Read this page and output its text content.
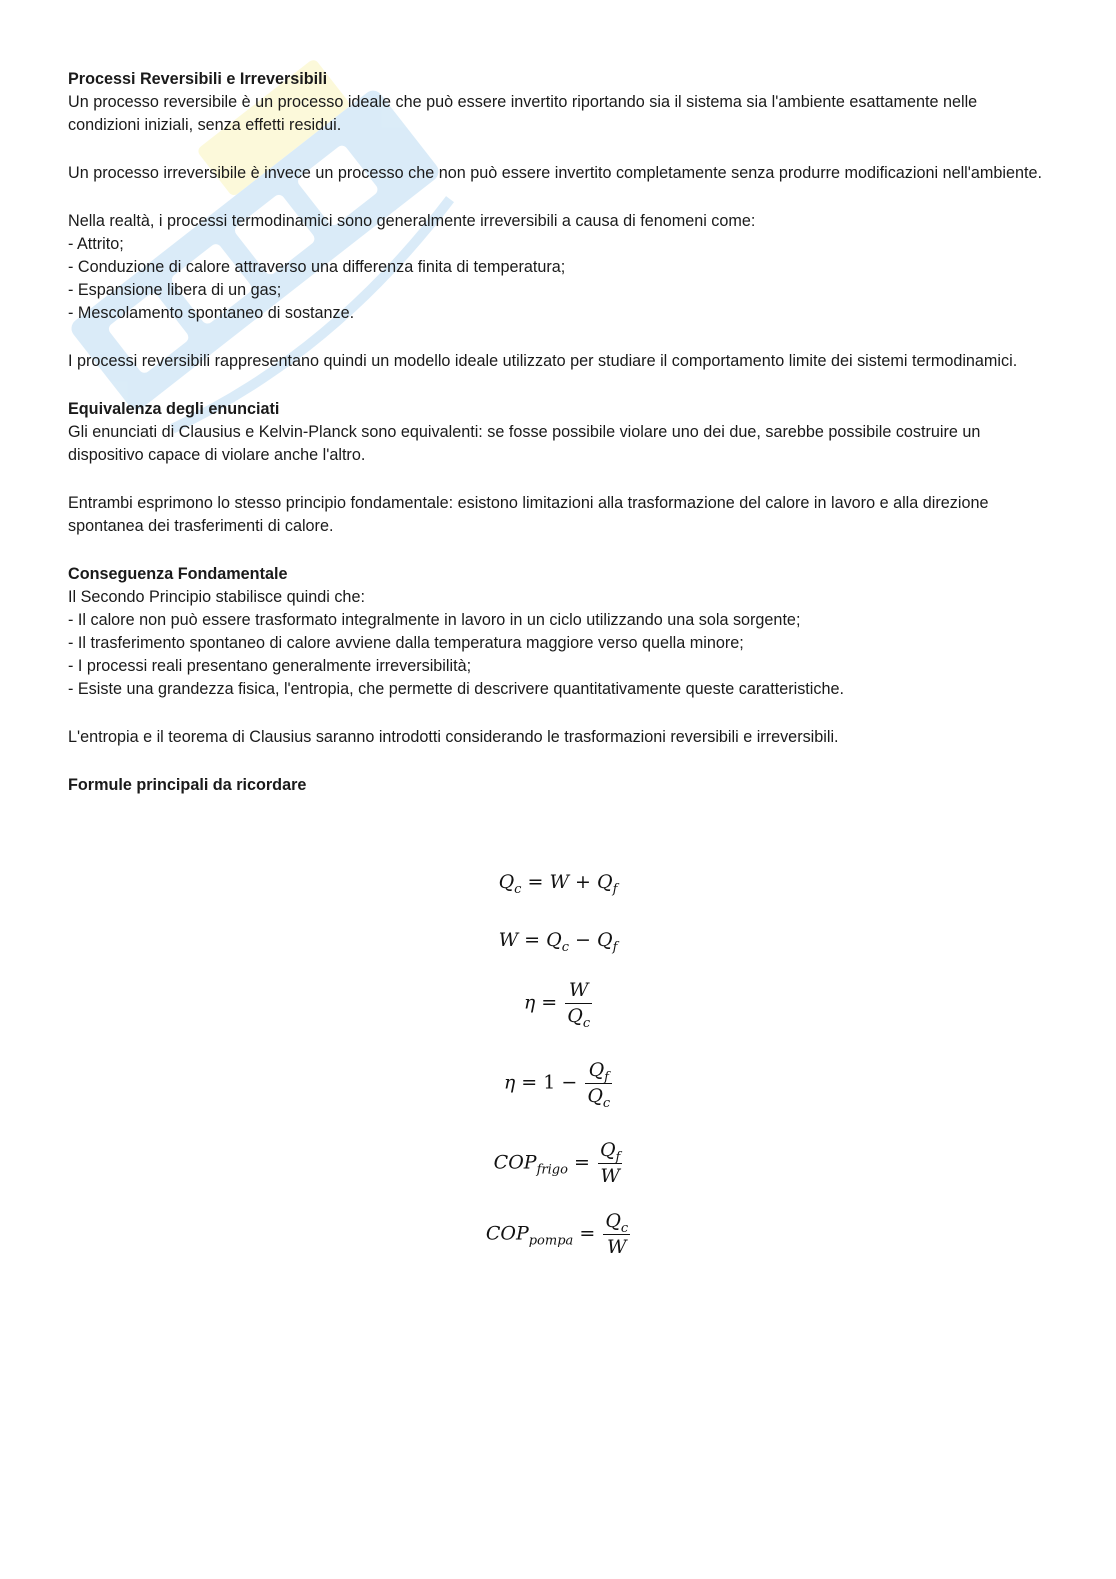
Processi Reversibili e Irreversibili

Un processo reversibile è un processo ideale che può essere invertito riportando sia il sistema sia l'ambiente esattamente nelle condizioni iniziali, senza effetti residui.

Un processo irreversibile è invece un processo che non può essere invertito completamente senza produrre modificazioni nell'ambiente.

Nella realtà, i processi termodinamici sono generalmente irreversibili a causa di fenomeni come:

- Attrito;
- Conduzione di calore attraverso una differenza finita di temperatura;
- Espansione libera di un gas;
- Mescolamento spontaneo di sostanze.

I processi reversibili rappresentano quindi un modello ideale utilizzato per studiare il comportamento limite dei sistemi termodinamici.

Equivalenza degli enunciati

Gli enunciati di Clausius e Kelvin-Planck sono equivalenti: se fosse possibile violare uno dei due, sarebbe possibile costruire un dispositivo capace di violare anche l'altro.

Entrambi esprimono lo stesso principio fondamentale: esistono limitazioni alla trasformazione del calore in lavoro e alla direzione spontanea dei trasferimenti di calore.

Conseguenza Fondamentale

Il Secondo Principio stabilisce quindi che:

- Il calore non può essere trasformato integralmente in lavoro in un ciclo utilizzando una sola sorgente;
- Il trasferimento spontaneo di calore avviene dalla temperatura maggiore verso quella minore;
- I processi reali presentano generalmente irreversibilità;
- Esiste una grandezza fisica, l'entropia, che permette di descrivere quantitativamente queste caratteristiche.

L'entropia e il teorema di Clausius saranno introdotti considerando le trasformazioni reversibili e irreversibili.

Formule principali da ricordare

$Q_c = W + Q_f$
$W = Q_c - Q_f$
$\eta = \frac{W}{Q_c}$
$\eta = 1 - \frac{Q_f}{Q_c}$
$COP_{frigo} = \frac{Q_f}{W}$
$COP_{pompa} = \frac{Q_c}{W}$
